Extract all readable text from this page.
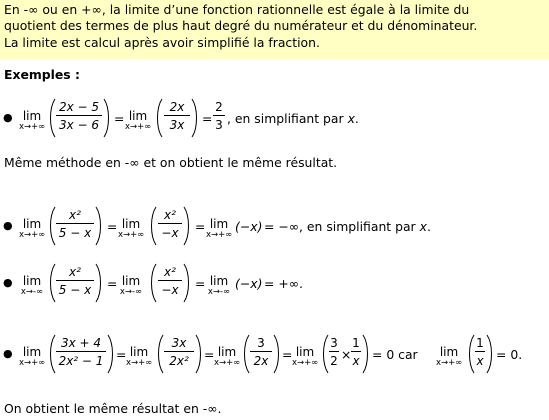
En -∞ ou en +∞, la limite d’une fonction rationnelle est égale à la limite du
quotient des termes de plus haut degré du numérateur et du dénominateur.
La limite est calcul après avoir simplifié la fraction.
Exemples :
● lim
x→+∞
2x − 5
3x − 6 = lim
x→+∞
2x
3x	=
2
3 , en simplifiant par x.
Même méthode en -∞ et on obtient le même résultat.
● lim
x→+∞
x²
5 − x = lim
x→+∞
x²
−x = lim
x→+∞
(−x) = −∞, en simplifiant par x.
● lim
x→-∞
x²
5 − x = lim
x→-∞
x²
−x = lim
x→-∞
(−x) = +∞.
● lim
x→+∞
3x + 4
2x² − 1 = lim
x→+∞
3x
2x²	= lim
x→+∞
3
2x = lim
x→+∞
3
2 ×
1
x = 0 car	lim
x→+∞
1
x = 0.
On obtient le même résultat en -∞.
